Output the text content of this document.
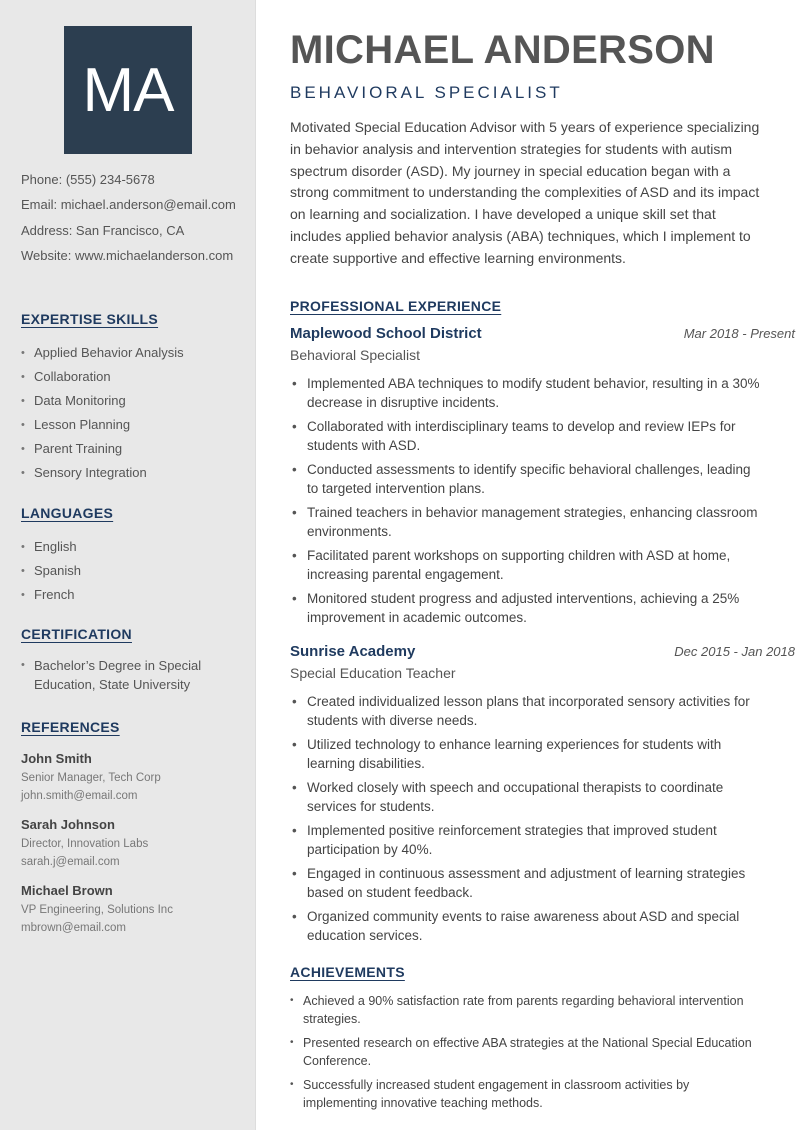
MA
Phone: (555) 234-5678
Email: michael.anderson@email.com
Address: San Francisco, CA
Website: www.michaelanderson.com
EXPERTISE SKILLS
• Applied Behavior Analysis
• Collaboration
• Data Monitoring
• Lesson Planning
• Parent Training
• Sensory Integration
LANGUAGES
• English
• Spanish
• French
CERTIFICATION
• Bachelor’s Degree in Special Education, State University
REFERENCES
John Smith
Senior Manager, Tech Corp
john.smith@email.com
Sarah Johnson
Director, Innovation Labs
sarah.j@email.com
Michael Brown
VP Engineering, Solutions Inc
mbrown@email.com
MICHAEL ANDERSON
BEHAVIORAL SPECIALIST

Motivated Special Education Advisor with 5 years of experience specializing in behavior analysis and intervention strategies for students with autism spectrum disorder (ASD). My journey in special education began with a strong commitment to understanding the complexities of ASD and its impact on learning and socialization. I have developed a unique skill set that includes applied behavior analysis (ABA) techniques, which I implement to create supportive and effective learning environments.

PROFESSIONAL EXPERIENCE
Maplewood School District	Mar 2018 - Present
Behavioral Specialist
• Implemented ABA techniques to modify student behavior, resulting in a 30% decrease in disruptive incidents.
• Collaborated with interdisciplinary teams to develop and review IEPs for students with ASD.
• Conducted assessments to identify specific behavioral challenges, leading to targeted intervention plans.
• Trained teachers in behavior management strategies, enhancing classroom environments.
• Facilitated parent workshops on supporting children with ASD at home, increasing parental engagement.
• Monitored student progress and adjusted interventions, achieving a 25% improvement in academic outcomes.
Sunrise Academy	Dec 2015 - Jan 2018
Special Education Teacher
• Created individualized lesson plans that incorporated sensory activities for students with diverse needs.
• Utilized technology to enhance learning experiences for students with learning disabilities.
• Worked closely with speech and occupational therapists to coordinate services for students.
• Implemented positive reinforcement strategies that improved student participation by 40%.
• Engaged in continuous assessment and adjustment of learning strategies based on student feedback.
• Organized community events to raise awareness about ASD and special education services.
ACHIEVEMENTS
• Achieved a 90% satisfaction rate from parents regarding behavioral intervention strategies.
• Presented research on effective ABA strategies at the National Special Education Conference.
• Successfully increased student engagement in classroom activities by implementing innovative teaching methods.
